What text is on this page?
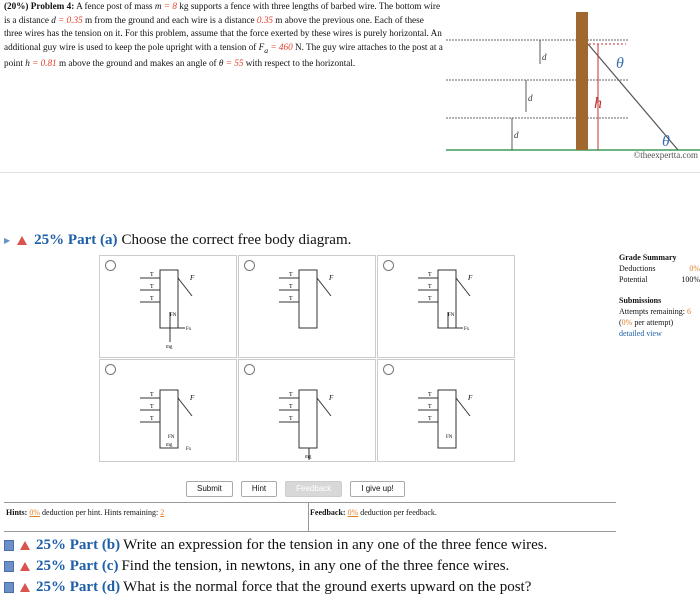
(20%) Problem 4: A fence post of mass m = 8 kg supports a fence with three lengths of barbed wire. The bottom wire is a distance d = 0.35 m from the ground and each wire is a distance 0.35 m above the previous one. Each of these three wires has the tension on it. For this problem, assume that the force exerted by these wires is purely horizontal. An additional guy wire is used to keep the pole upright with a tension of $F_a = 460$ N. The guy wire attaches to the post at a point h = 0.81 m above the ground and makes an angle of θ = 55 with respect to the horizontal.
d
d
d
h
θ
θ
©theexpertta.com
▶ 25% Part (a) Choose the correct free body diagram.
T
T
T
F
FN
Fx
mg
T
T
T
F	T
T
T
F
FN
Fx
T
T
T
F
FN
Fx
mg
T
T
T
F
mg
T
T
T
F
FN
Grade Summary
Deductions	0%
Potential	100%
Submissions
Attempts remaining: 6
(0% per attempt)
detailed view
Submit	Hint	Feedback	I give up!
Hints: 0% deduction per hint. Hints remaining: 2	Feedback: 0% deduction per feedback.
25% Part (b) Write an expression for the tension in any one of the three fence wires.
25% Part (c) Find the tension, in newtons, in any one of the three fence wires.
25% Part (d) What is the normal force that the ground exerts upward on the post?
